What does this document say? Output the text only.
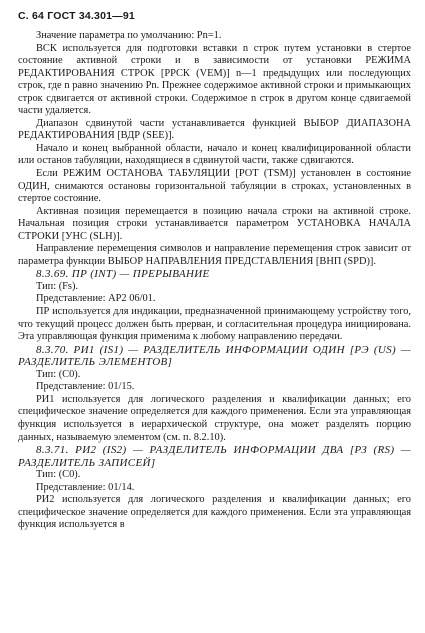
С. 64 ГОСТ 34.301—91

Значение параметра по умолчанию: Pn=1.

ВСК используется для подготовки вставки n строк путем установки в стертое состояние активной строки и в зависимости от установки РЕЖИМА РЕДАКТИРОВАНИЯ СТРОК [РРСК (VEM)] n—1 предыдущих или последующих строк, где n равно значению Pn. Прежнее содержимое активной строки и примыкающих строк сдвигается от активной строки. Содержимое n строк в другом конце сдвигаемой части удаляется.

Диапазон сдвинутой части устанавливается функцией ВЫБОР ДИАПАЗОНА РЕДАКТИРОВАНИЯ [ВДР (SEE)].

Начало и конец выбранной области, начало и конец квалифицированной области или останов табуляции, находящиеся в сдвинутой части, также сдвигаются.

Если РЕЖИМ ОСТАНОВА ТАБУЛЯЦИИ [РОТ (TSM)] установлен в состояние ОДИН, снимаются остановы горизонтальной табуляции в строках, установленных в стертое состояние.

Активная позиция перемещается в позицию начала строки на активной строке. Начальная позиция строки устанавливается параметром УСТАНОВКА НАЧАЛА СТРОКИ [УНС (SLH)].

Направление перемещения символов и направление перемещения строк зависит от параметра функции ВЫБОР НАПРАВЛЕНИЯ ПРЕДСТАВЛЕНИЯ [ВНП (SPD)].

8.3.69. ПР (INT) — ПРЕРЫВАНИЕ

Тип: (Fs).

Представление: АР2 06/01.

ПР используется для индикации, предназначенной принимающему устройству того, что текущий процесс должен быть прерван, и согласительная процедура инициирована. Эта управляющая функция применима к любому направлению передачи.

8.3.70. РИ1 (IS1) — РАЗДЕЛИТЕЛЬ ИНФОРМАЦИИ ОДИН [РЭ (US) — РАЗДЕЛИТЕЛЬ ЭЛЕМЕНТОВ]

Тип: (С0).

Представление: 01/15.

РИ1 используется для логического разделения и квалификации данных; его специфическое значение определяется для каждого применения. Если эта управляющая функция используется в иерархической структуре, она может разделять порцию данных, называемую элементом (см. п. 8.2.10).

8.3.71. РИ2 (IS2) — РАЗДЕЛИТЕЛЬ ИНФОРМАЦИИ ДВА [РЗ (RS) — РАЗДЕЛИТЕЛЬ ЗАПИСЕЙ]

Тип: (С0).

Представление: 01/14.

РИ2 используется для логического разделения и квалификации данных; его специфическое значение определяется для каждого применения. Если эта управляющая функция используется в
